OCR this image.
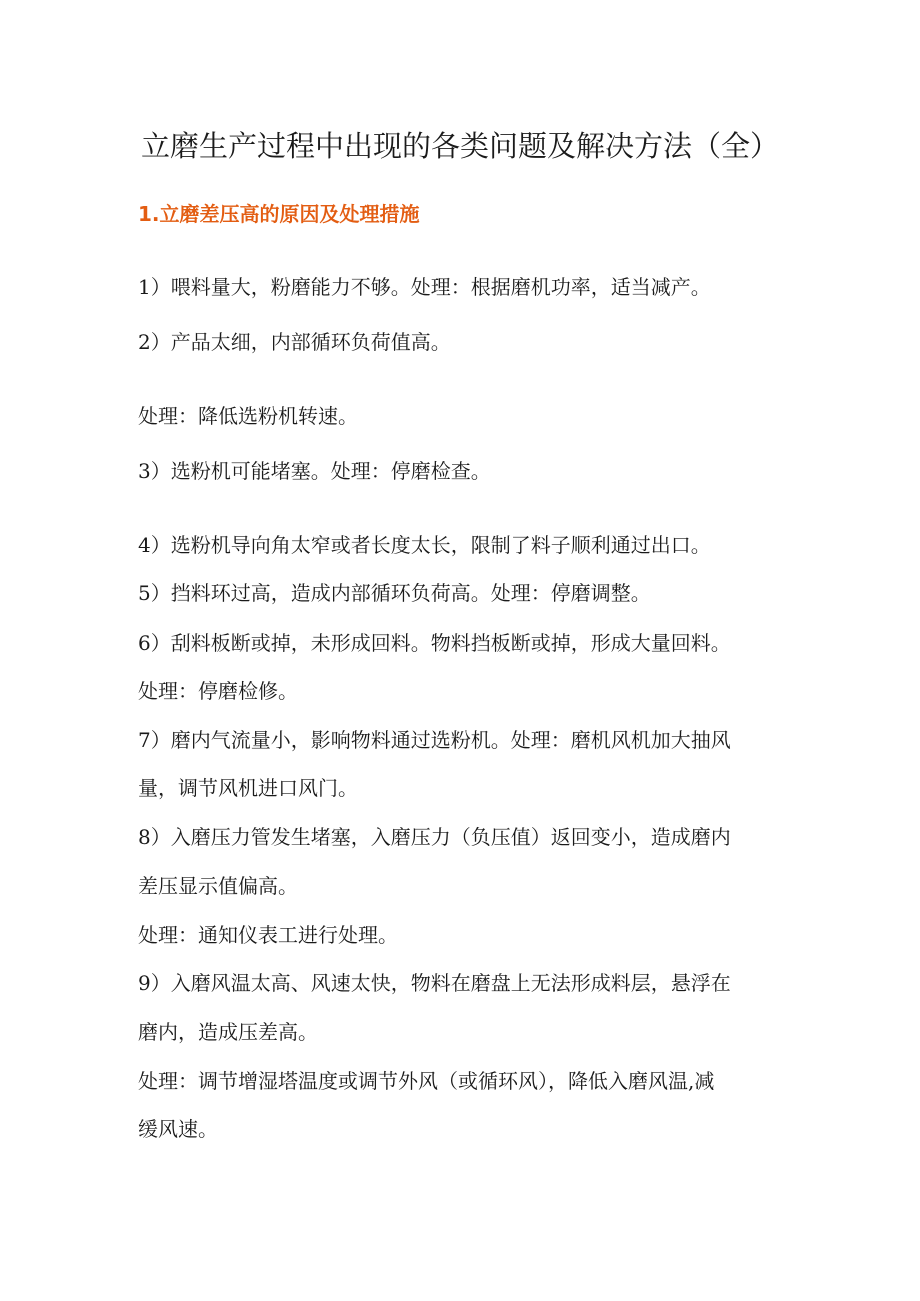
立磨生产过程中出现的各类问题及解决方法（全）
1.立磨差压高的原因及处理措施
1）喂料量大，粉磨能力不够。处理：根据磨机功率，适当减产。
2）产品太细，内部循环负荷值高。
处理：降低选粉机转速。
3）选粉机可能堵塞。处理：停磨检查。
4）选粉机导向角太窄或者长度太长，限制了料子顺利通过出口。
5）挡料环过高，造成内部循环负荷高。处理：停磨调整。
6）刮料板断或掉，未形成回料。物料挡板断或掉，形成大量回料。
处理：停磨检修。
7）磨内气流量小，影响物料通过选粉机。处理：磨机风机加大抽风
量，调节风机进口风门。
8）入磨压力管发生堵塞，入磨压力（负压值）返回变小，造成磨内
差压显示值偏高。
处理：通知仪表工进行处理。
9）入磨风温太高、风速太快，物料在磨盘上无法形成料层，悬浮在
磨内，造成压差高。
处理：调节增湿塔温度或调节外风（或循环风），降低入磨风温,减
缓风速。
